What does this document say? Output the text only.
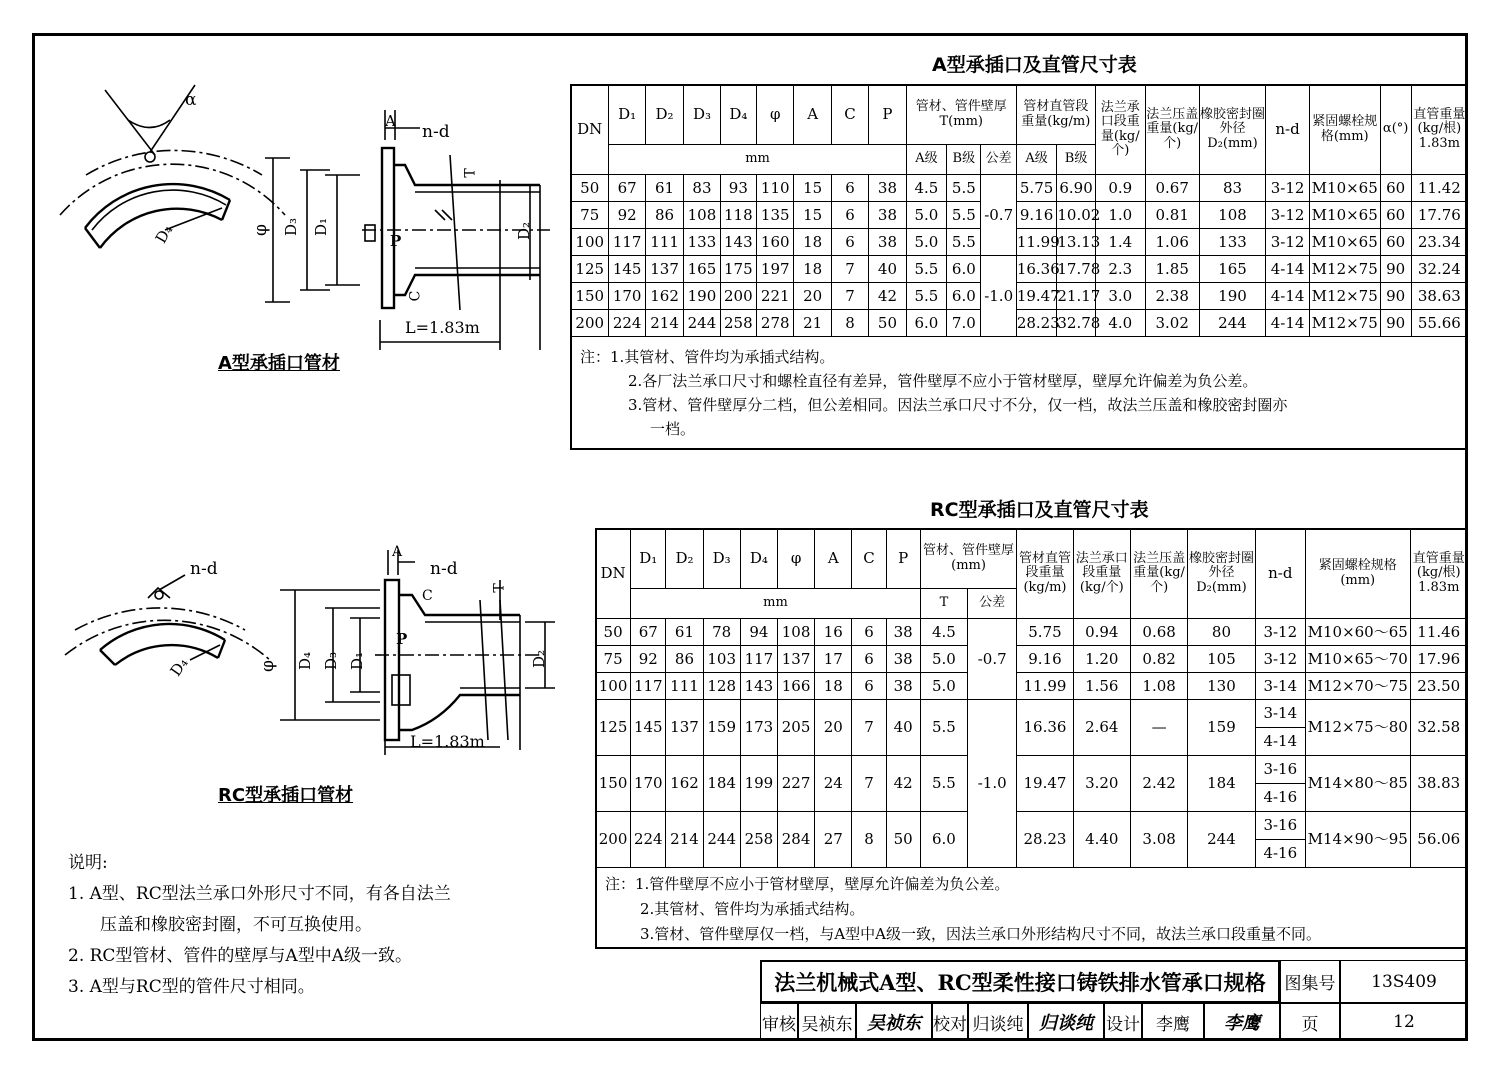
A型承插口及直管尺寸表
DN	D₁	D₂	D₃	D₄	φ	A	C	P	管材、管件壁厚T(mm)			管材直管段重量(kg/m)		法兰承口段重量(kg/个)	法兰压盖重量(kg/个)	橡胶密封圈外径D₂(mm)	n-d	紧固螺栓规格(mm)	α(°)	直管重量(kg/根)
1.83m
	mm								A级	B级	公差	A级	B级							
50	67	61	83	93	110	15	6	38	4.5	5.5	-0.7	5.75	6.90	0.9	0.67	83	3-12	M10×65	60	11.42
75	92	86	108	118	135	15	6	38	5.0	5.5		9.16	10.02	1.0	0.81	108	3-12	M10×65	60	17.76
100	117	111	133	143	160	18	6	38	5.0	5.5		11.99	13.13	1.4	1.06	133	3-12	M10×65	60	23.34
125	145	137	165	175	197	18	7	40	5.5	6.0	-1.0	16.36	17.78	2.3	1.85	165	4-14	M12×75	90	32.24
150	170	162	190	200	221	20	7	42	5.5	6.0		19.47	21.17	3.0	2.38	190	4-14	M12×75	90	38.63
200	224	214	244	258	278	21	8	50	6.0	7.0		28.23	32.78	4.0	3.02	244	4-14	M12×75	90	55.66
注：1.其管材、管件均为承插式结构。
2.各厂法兰承口尺寸和螺栓直径有差异，管件壁厚不应小于管材壁厚，壁厚允许偏差为负公差。
3.管材、管件壁厚分二档，但公差相同。因法兰承口尺寸不分，仅一档，故法兰压盖和橡胶密封圈亦
一档。
RC型承插口及直管尺寸表
DN	D₁	D₂	D₃	D₄	φ	A	C	P	管材、管件壁厚(mm)		管材直管段重量(kg/m)	法兰承口段重量(kg/个)	法兰压盖重量(kg/个)	橡胶密封圈外径D₂(mm)	n-d	紧固螺栓规格(mm)	直管重量(kg/根)
1.83m
	mm								T	公差							
50	67	61	78	94	108	16	6	38	4.5	-0.7	5.75	0.94	0.68	80	3-12	M10×60～65	11.46
75	92	86	103	117	137	17	6	38	5.0		9.16	1.20	0.82	105	3-12	M10×65～70	17.96
100	117	111	128	143	166	18	6	38	5.0		11.99	1.56	1.08	130	3-14	M12×70～75	23.50
125	145	137	159	173	205	20	7	40	5.5	-1.0	16.36	2.64	—	159	3-14	M12×75～80	32.58
															4-14		
150	170	162	184	199	227	24	7	42	5.5		19.47	3.20	2.42	184	3-16	M14×80～85	38.83
															4-16		
200	224	214	244	258	284	27	8	50	6.0		28.23	4.40	3.08	244	3-16	M14×90～95	56.06
															4-16		
注：1.管件壁厚不应小于管材壁厚，壁厚允许偏差为负公差。
2.其管材、管件均为承插式结构。
3.管材、管件壁厚仅一档，与A型中A级一致，因法兰承口外形结构尺寸不同，故法兰承口段重量不同。
α
D₄
A
n-d
φ D₃ D₁
P
C
T
D₂
L=1.83m
A型承插口管材
n-d
D₄
A
n-d
C	T
φ D₄ D₃ D₁
P
D₂
L=1.83m
RC型承插口管材
说明:
1. A型、RC型法兰承口外形尺寸不同，有各自法兰
压盖和橡胶密封圈，不可互换使用。
2. RC型管材、管件的壁厚与A型中A级一致。
3. A型与RC型的管件尺寸相同。	法兰机械式A型、RC型柔性接口铸铁排水管承口规格	图集号	13S409
审核 吴祯东 吴祯东 校对 归谈纯 归谈纯 设计 李鹰	李鹰	页	12
